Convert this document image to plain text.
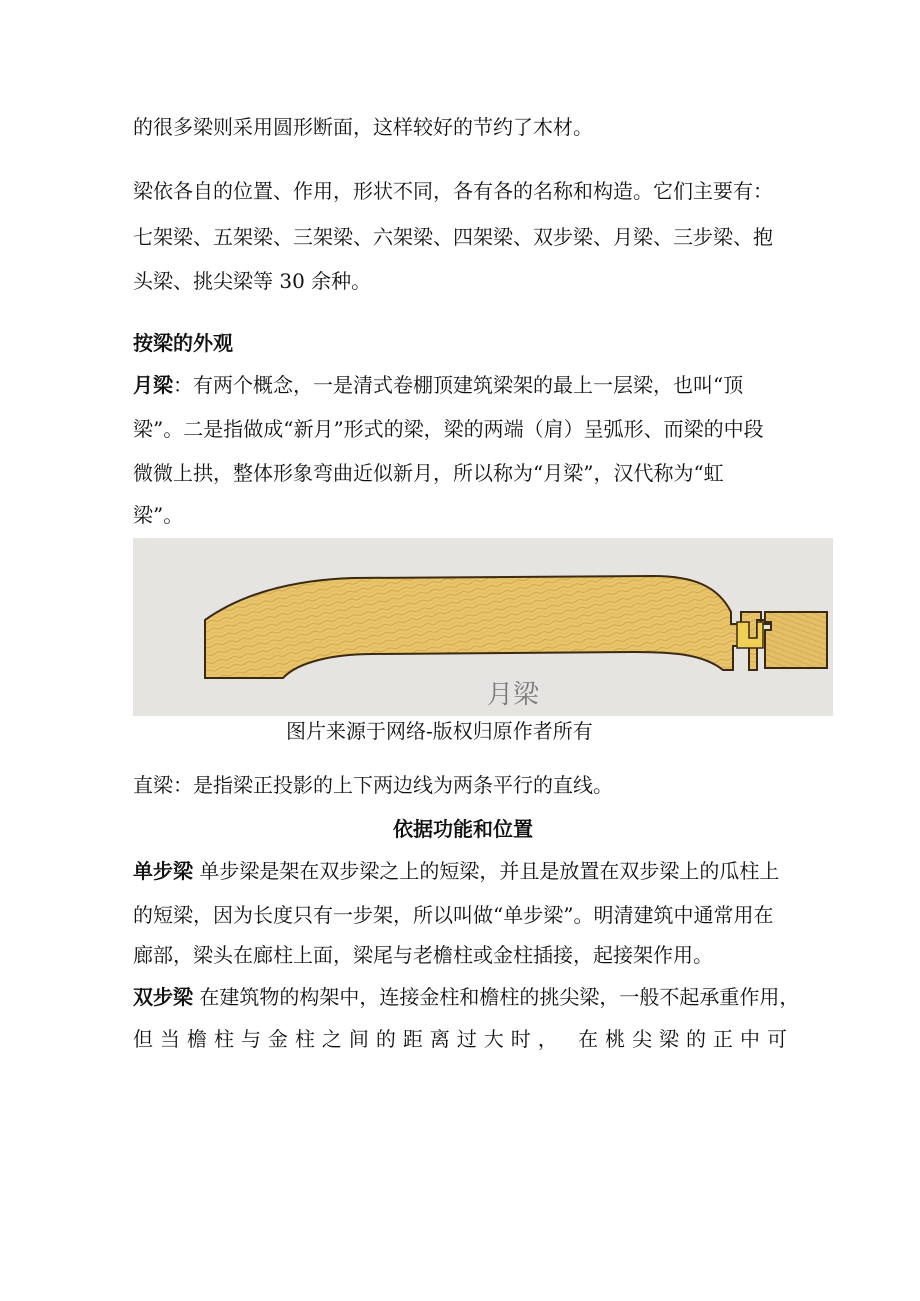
的很多梁则采用圆形断面，这样较好的节约了木材。
梁依各自的位置、作用，形状不同，各有各的名称和构造。它们主要有：
七架梁、五架梁、三架梁、六架梁、四架梁、双步梁、月梁、三步梁、抱
头梁、挑尖梁等 30 余种。
按梁的外观
月梁：有两个概念，一是清式卷棚顶建筑梁架的最上一层梁，也叫“顶
梁”。二是指做成“新月”形式的梁，梁的两端（肩）呈弧形、而梁的中段
微微上拱，整体形象弯曲近似新月，所以称为“月梁”，汉代称为“虹
梁”。
月梁
图片来源于网络-版权归原作者所有
直梁：是指梁正投影的上下两边线为两条平行的直线。
依据功能和位置
单步梁 单步梁是架在双步梁之上的短梁，并且是放置在双步梁上的瓜柱上
的短梁，因为长度只有一步架，所以叫做“单步梁”。明清建筑中通常用在
廊部，梁头在廊柱上面，梁尾与老檐柱或金柱插接，起接架作用。
双步梁 在建筑物的构架中，连接金柱和檐柱的挑尖梁，一般不起承重作用，
但当檐柱与金柱之间的距离过大时， 在桃尖梁的正中可
